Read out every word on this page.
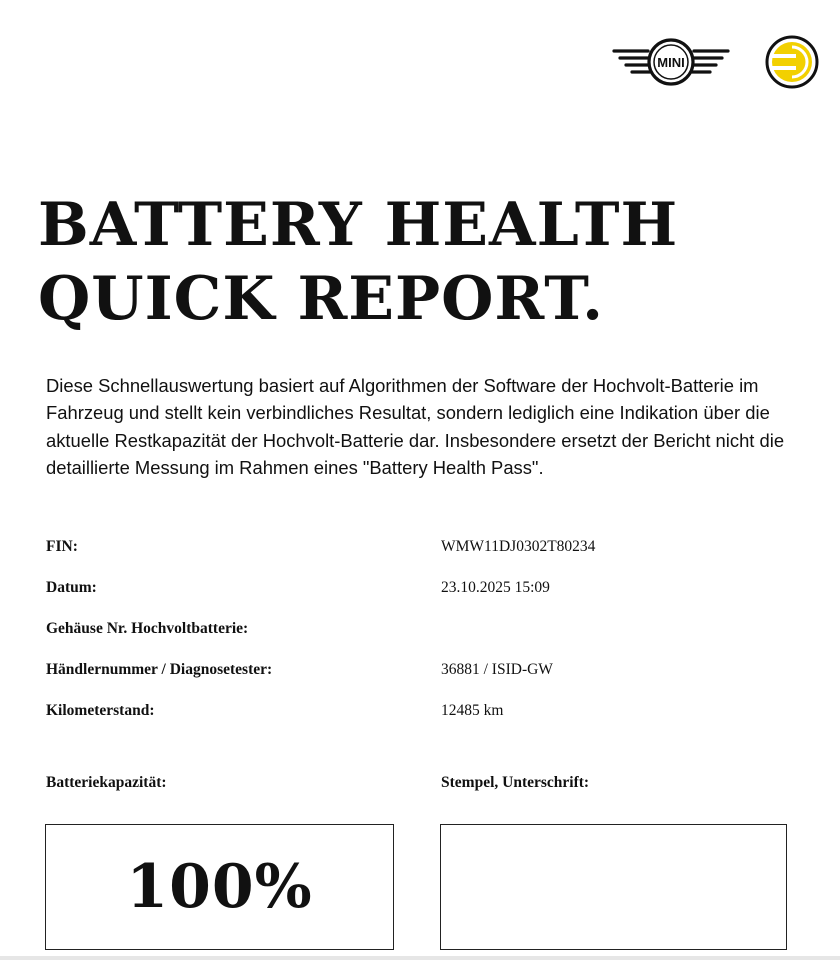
MINI
BATTERY HEALTH
QUICK REPORT.

Diese Schnellauswertung basiert auf Algorithmen der Software der Hochvolt-Batterie im Fahrzeug und stellt kein verbindliches Resultat, sondern lediglich eine Indikation über die aktuelle Restkapazität der Hochvolt-Batterie dar. Insbesondere ersetzt der Bericht nicht die detaillierte Messung im Rahmen eines "Battery Health Pass".

FIN:	WMW11DJ0302T80234
Datum:	23.10.2025 15:09
Gehäuse Nr. Hochvoltbatterie:
Händlernummer / Diagnosetester:	36881 / ISID-GW
Kilometerstand:	12485 km
Batteriekapazität:	Stempel, Unterschrift:
100%
